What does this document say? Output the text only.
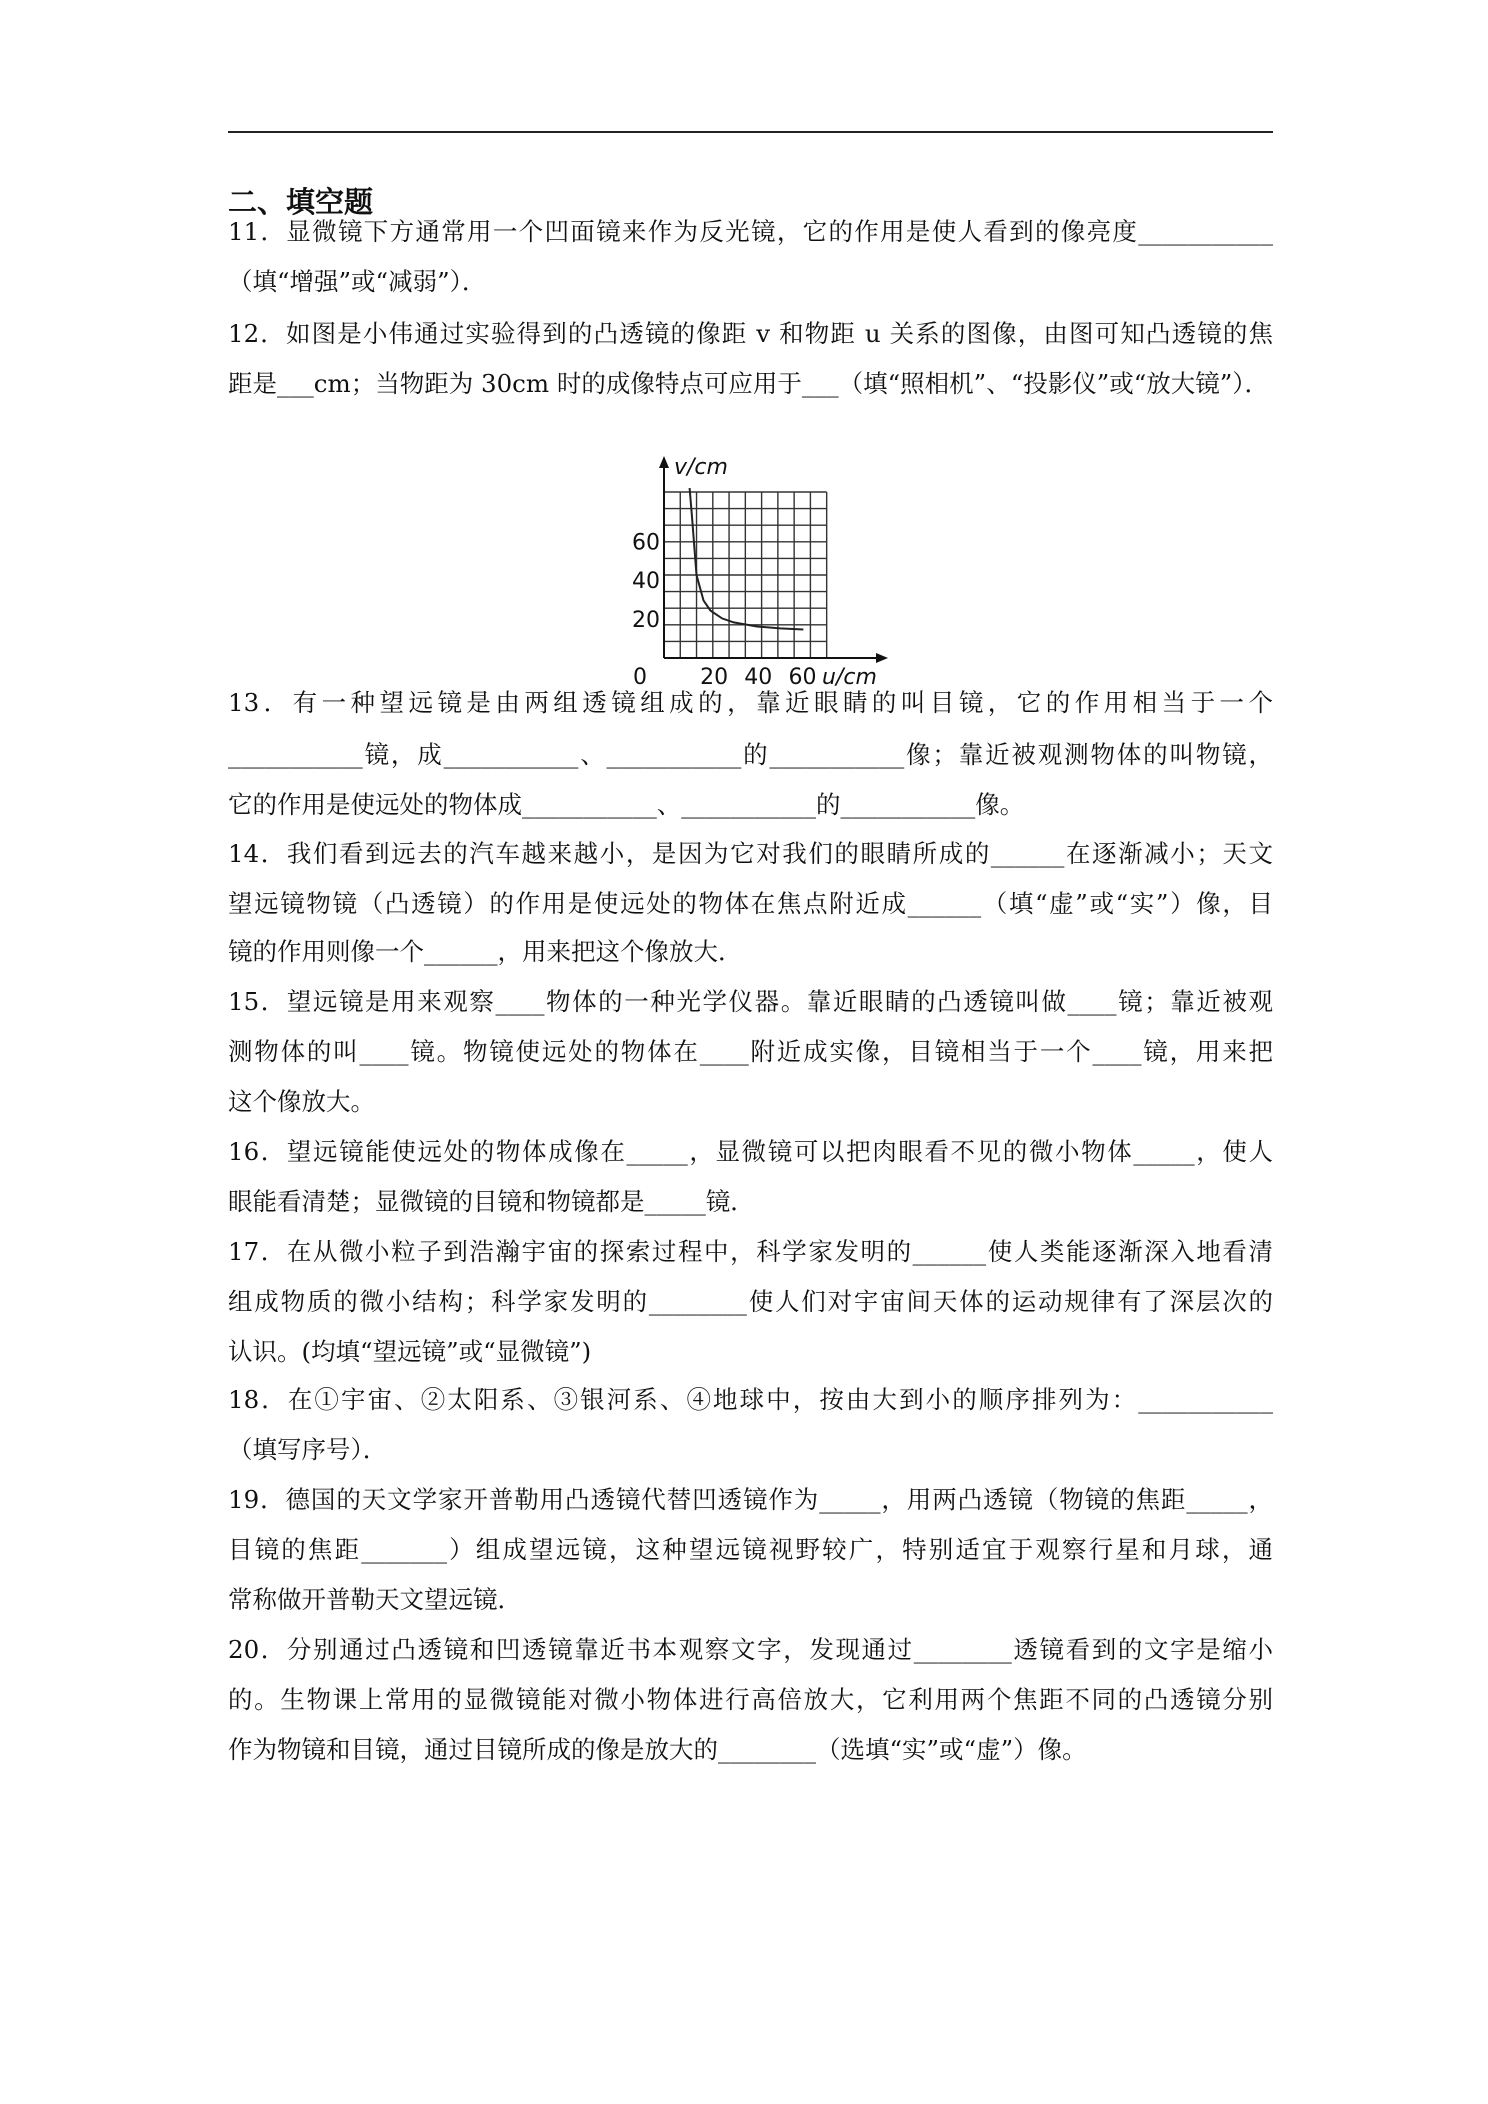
二、填空题
11．显微镜下方通常用一个凹面镜来作为反光镜，它的作用是使人看到的像亮度___________
（填“增强”或“减弱”）．
12．如图是小伟通过实验得到的凸透镜的像距 v 和物距 u 关系的图像，由图可知凸透镜的焦
距是___cm；当物距为 30cm 时的成像特点可应用于___（填“照相机”、“投影仪”或“放大镜”）．
13．有一种望远镜是由两组透镜组成的，靠近眼睛的叫目镜，它的作用相当于一个
___________镜，成___________、___________的___________像；靠近被观测物体的叫物镜，
它的作用是使远处的物体成___________、___________的___________像。
14．我们看到远去的汽车越来越小，是因为它对我们的眼睛所成的______在逐渐减小；天文
望远镜物镜（凸透镜）的作用是使远处的物体在焦点附近成______（填“虚”或“实”）像，目
镜的作用则像一个______，用来把这个像放大．
15．望远镜是用来观察____物体的一种光学仪器。靠近眼睛的凸透镜叫做____镜；靠近被观
测物体的叫____镜。物镜使远处的物体在____附近成实像，目镜相当于一个____镜，用来把
这个像放大。
16．望远镜能使远处的物体成像在_____，显微镜可以把肉眼看不见的微小物体_____，使人
眼能看清楚；显微镜的目镜和物镜都是_____镜．
17．在从微小粒子到浩瀚宇宙的探索过程中，科学家发明的______使人类能逐渐深入地看清
组成物质的微小结构；科学家发明的________使人们对宇宙间天体的运动规律有了深层次的
认识。(均填“望远镜”或“显微镜”)
18．在①宇宙、②太阳系、③银河系、④地球中，按由大到小的顺序排列为：___________
（填写序号）．
19．德国的天文学家开普勒用凸透镜代替凹透镜作为_____，用两凸透镜（物镜的焦距_____，
目镜的焦距_______）组成望远镜，这种望远镜视野较广，特别适宜于观察行星和月球，通
常称做开普勒天文望远镜．
20．分别通过凸透镜和凹透镜靠近书本观察文字，发现通过________透镜看到的文字是缩小
的。生物课上常用的显微镜能对微小物体进行高倍放大，它利用两个焦距不同的凸透镜分别
作为物镜和目镜，通过目镜所成的像是放大的________（选填“实”或“虚”）像。
0 20 40 60
20
40
60
v/cm
u/cm
